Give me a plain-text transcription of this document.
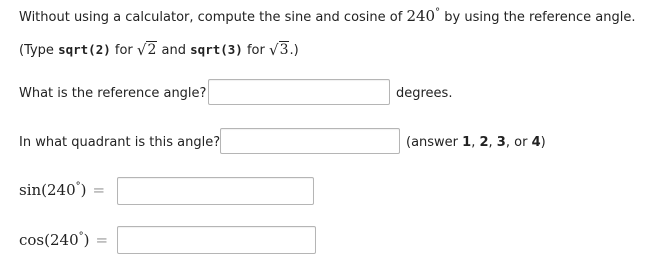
Without using a calculator, compute the sine and cosine of 240° by using the reference angle.
(Type sqrt(2) for √2 and sqrt(3) for √3.)
What is the reference angle?	degrees.
In what quadrant is this angle?	(answer 1, 2, 3, or 4)
sin(240°) =
cos(240°) =
